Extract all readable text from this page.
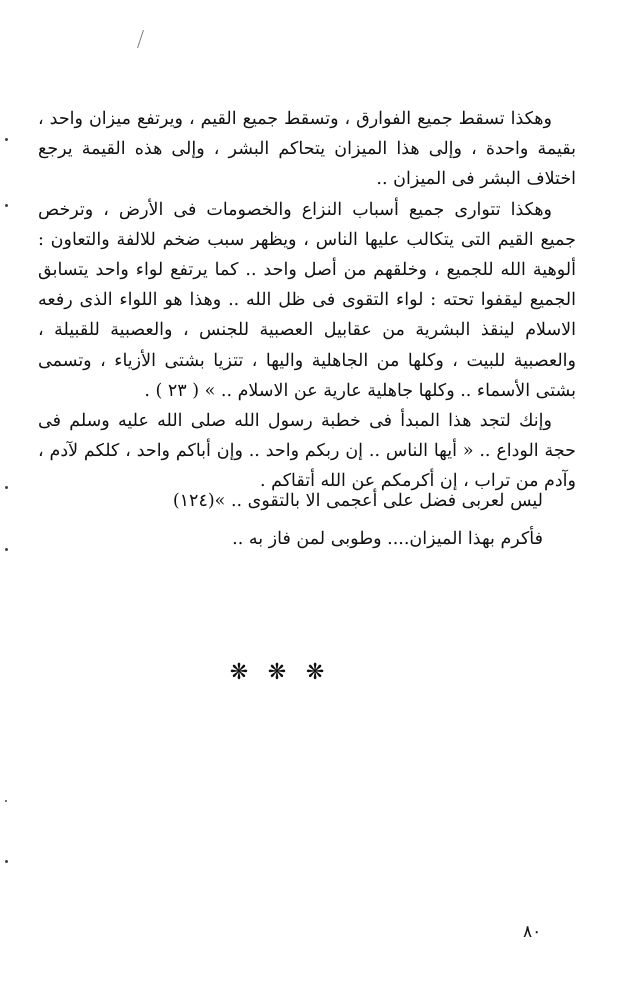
وهكذا تسقط جميع الفوارق ، وتسقط جميع القيم ، ويرتفع ميزان واحد ، بقيمة واحدة ، وإلى هذا الميزان يتحاكم البشر ، وإلى هذه القيمة يرجع اختلاف البشر فى الميزان ..

وهكذا تتوارى جميع أسباب النزاع والخصومات فى الأرض ، وترخص جميع القيم التى يتكالب عليها الناس ، ويظهر سبب ضخم للالفة والتعاون : ألوهية الله للجميع ، وخلقهم من أصل واحد .. كما يرتفع لواء واحد يتسابق الجميع ليقفوا تحته : لواء التقوى فى ظل الله .. وهذا هو اللواء الذى رفعه الاسلام لينقذ البشرية من عقابيل العصبية للجنس ، والعصبية للقبيلة ، والعصبية للبيت ، وكلها من الجاهلية واليها ، تتزيا بشتى الأزياء ، وتسمى بشتى الأسماء .. وكلها جاهلية عارية عن الاسلام .. » ( ٢٣ ) .

وإنك لتجد هذا المبدأ فى خطبة رسول الله صلى الله عليه وسلم فى حجة الوداع .. « أيها الناس .. إن ربكم واحد .. وإن أباكم واحد ، كلكم لآدم ، وآدم من تراب ، إن أكرمكم عن الله أتقاكم .

ليس لعربى فضل على أعجمى الا بالتقوى .. »(١٢٤)
فأكرم بهذا الميزان.... وطوبى لمن فاز به ..
❋ ❋ ❋
٨٠
